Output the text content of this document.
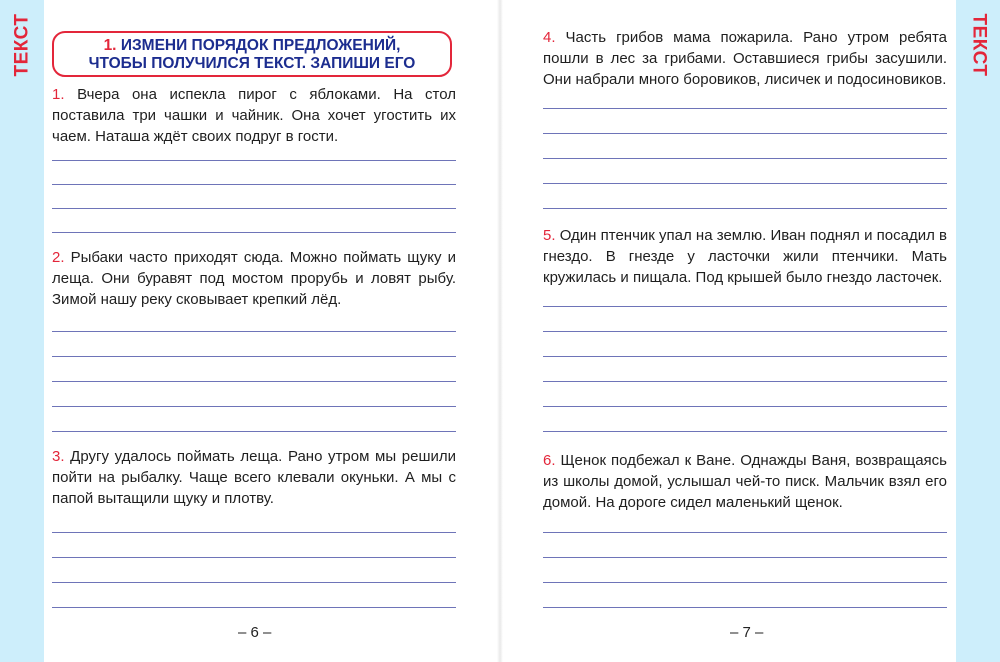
ТЕКСТ	ТЕКСТ
1. ИЗМЕНИ ПОРЯДОК ПРЕДЛОЖЕНИЙ,
ЧТОБЫ ПОЛУЧИЛСЯ ТЕКСТ. ЗАПИШИ ЕГО

1. Вчера она испекла пирог с яблоками. На стол поставила три чашки и чайник. Она хочет угостить их чаем. Наташа ждёт своих подруг в гости.

2. Рыбаки часто приходят сюда. Можно поймать щуку и леща. Они буравят под мостом прорубь и ловят рыбу. Зимой нашу реку сковывает крепкий лёд.

3. Другу удалось поймать леща. Рано утром мы решили пойти на рыбалку. Чаще всего клевали окуньки. А мы с папой вытащили щуку и плотву.

– 6 –

4. Часть грибов мама пожарила. Рано утром ребята пошли в лес за грибами. Оставшиеся грибы засушили. Они набрали много боровиков, лисичек и подосиновиков.

5. Один птенчик упал на землю. Иван поднял и посадил в гнездо. В гнезде у ласточки жили птенчики. Мать кружилась и пищала. Под крышей было гнездо ласточек.

6. Щенок подбежал к Ване. Однажды Ваня, возвращаясь из школы домой, услышал чей-то писк. Мальчик взял его домой. На дороге сидел маленький щенок.

– 7 –
